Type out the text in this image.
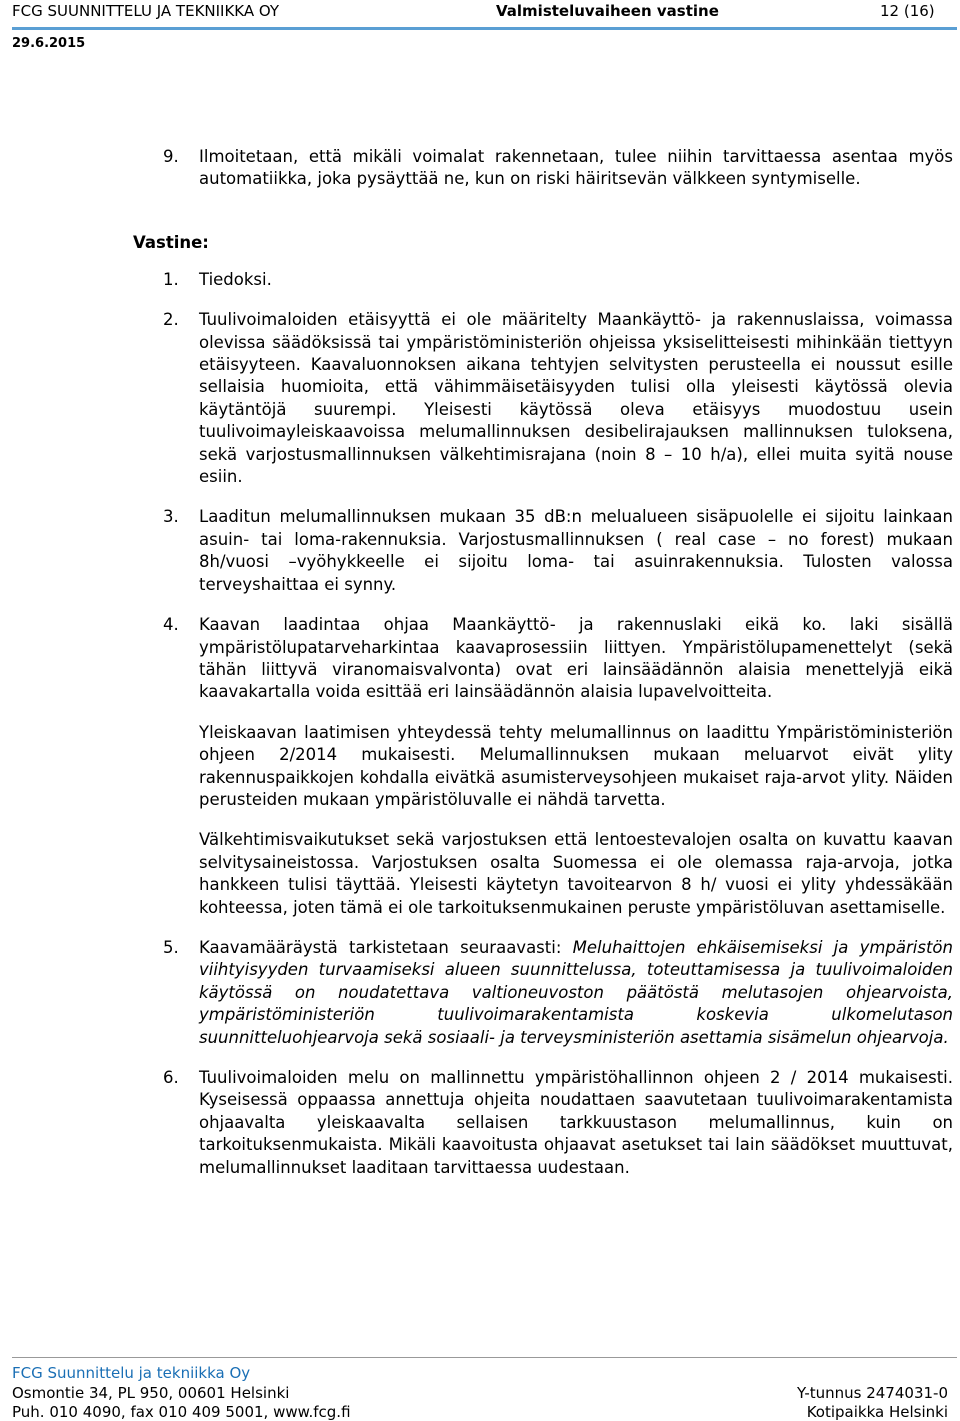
FCG SUUNNITTELU JA TEKNIIKKA OY	Valmisteluvaiheen vastine	12 (16)
29.6.2015
Vastine:
9. Ilmoitetaan, että mikäli voimalat rakennetaan, tulee niihin tarvittaessa asentaa myös automatiikka, joka pysäyttää ne, kun on riski häiritsevän välkkeen syntymiselle.
1. Tiedoksi.
2. Tuulivoimaloiden etäisyyttä ei ole määritelty Maankäyttö- ja rakennuslaissa, voimassa olevissa säädöksissä tai ympäristöministeriön ohjeissa yksiselitteisesti mihinkään tiettyyn etäisyyteen. Kaavaluonnoksen aikana tehtyjen selvitysten perusteella ei noussut esille sellaisia huomioita, että vähimmäisetäisyyden tulisi olla yleisesti käytössä olevia käytäntöjä suurempi. Yleisesti käytössä oleva etäisyys muodostuu usein tuulivoimayleiskaavoissa melumallinnuksen desibelirajauksen mallinnuksen tuloksena, sekä varjostusmallinnuksen välkehtimisrajana (noin 8 – 10 h/a), ellei muita syitä nouse esiin.
3. Laaditun melumallinnuksen mukaan 35 dB:n melualueen sisäpuolelle ei sijoitu lainkaan asuin- tai loma-rakennuksia. Varjostusmallinnuksen ( real case – no forest) mukaan 8h/vuosi –vyöhykkeelle ei sijoitu loma- tai asuinrakennuksia. Tulosten valossa terveyshaittaa ei synny.
4. Kaavan laadintaa ohjaa Maankäyttö- ja rakennuslaki eikä ko. laki sisällä ympäristölupatarveharkintaa kaavaprosessiin liittyen. Ympäristölupamenettelyt (sekä tähän liittyvä viranomaisvalvonta) ovat eri lainsäädännön alaisia menettelyjä eikä kaavakartalla voida esittää eri lainsäädännön alaisia lupavelvoitteita.
Yleiskaavan laatimisen yhteydessä tehty melumallinnus on laadittu Ympäristöministeriön ohjeen 2/2014 mukaisesti. Melumallinnuksen mukaan meluarvot eivät ylity rakennuspaikkojen kohdalla eivätkä asumisterveysohjeen mukaiset raja-arvot ylity. Näiden perusteiden mukaan ympäristöluvalle ei nähdä tarvetta.
Välkehtimisvaikutukset sekä varjostuksen että lentoestevalojen osalta on kuvattu kaavan selvitysaineistossa. Varjostuksen osalta Suomessa ei ole olemassa raja-arvoja, jotka hankkeen tulisi täyttää. Yleisesti käytetyn tavoitearvon 8 h/ vuosi ei ylity yhdessäkään kohteessa, joten tämä ei ole tarkoituksenmukainen peruste ympäristöluvan asettamiselle.
5. Kaavamääräystä tarkistetaan seuraavasti: Meluhaittojen ehkäisemiseksi ja ympäristön viihtyisyyden turvaamiseksi alueen suunnittelussa, toteuttamisessa ja tuulivoimaloiden käytössä on noudatettava valtioneuvoston päätöstä melutasojen ohjearvoista, ympäristöministeriön tuulivoimarakentamista koskevia ulkomelutason suunnitteluohjearvoja sekä sosiaali- ja terveysministeriön asettamia sisämelun ohjearvoja.
6. Tuulivoimaloiden melu on mallinnettu ympäristöhallinnon ohjeen 2 / 2014 mukaisesti. Kyseisessä oppaassa annettuja ohjeita noudattaen saavutetaan tuulivoimarakentamista ohjaavalta yleiskaavalta sellaisen tarkkuustason melumallinnus, kuin on tarkoituksenmukaista. Mikäli kaavoitusta ohjaavat asetukset tai lain säädökset muuttuvat, melumallinnukset laaditaan tarvittaessa uudestaan.
FCG Suunnittelu ja tekniikka Oy
Osmontie 34, PL 950, 00601 Helsinki
Puh. 010 4090, fax 010 409 5001, www.fcg.fi
Y-tunnus 2474031-0
Kotipaikka Helsinki
